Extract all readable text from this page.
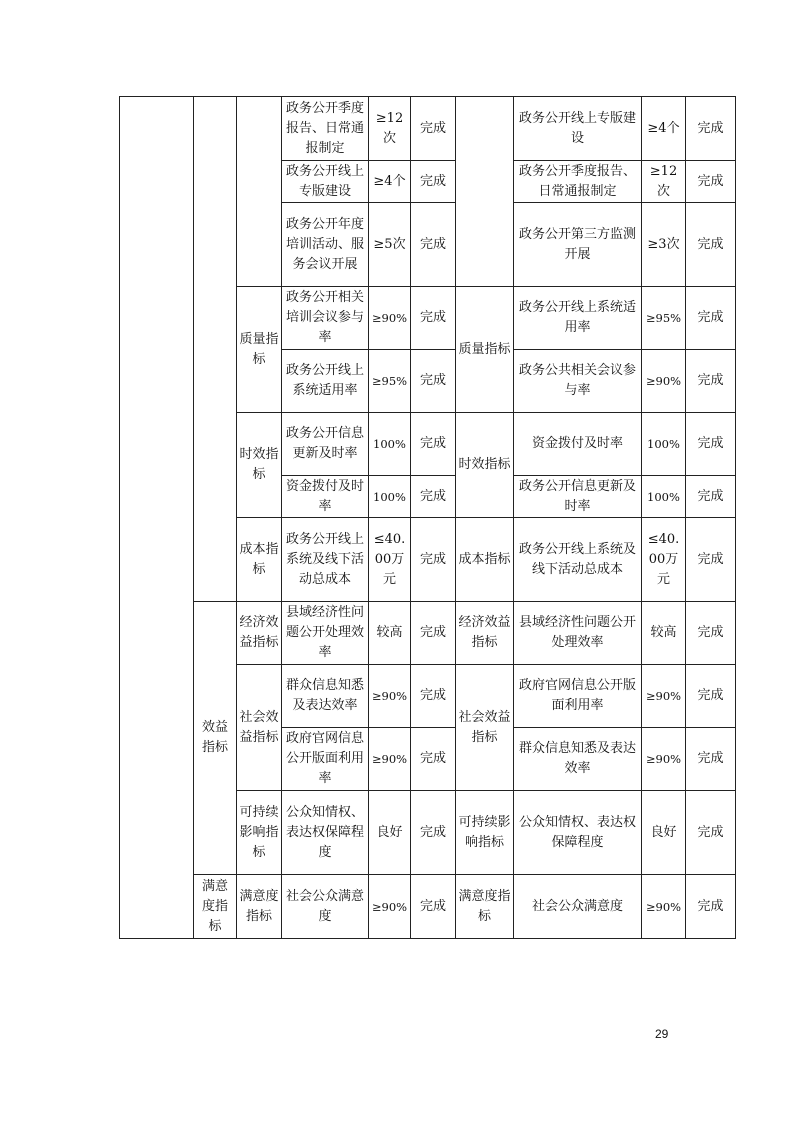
			政务公开季度报告、日常通报制定	≥12次	完成		政务公开线上专版建设	≥4个	完成
			政务公开线上专版建设	≥4个	完成		政务公开季度报告、日常通报制定	≥12次	完成
			政务公开年度培训活动、服务会议开展	≥5次	完成		政务公开第三方监测开展	≥3次	完成
		质量指标	政务公开相关培训会议参与率	≥90%	完成	质量指标	政务公开线上系统适用率	≥95%	完成
			政务公开线上系统适用率	≥95%	完成		政务公共相关会议参与率	≥90%	完成
		时效指标	政务公开信息更新及时率	100%	完成	时效指标	资金拨付及时率	100%	完成
			资金拨付及时率	100%	完成		政务公开信息更新及时率	100%	完成
		成本指标	政务公开线上系统及线下活动总成本	≤40.00万元	完成	成本指标	政务公开线上系统及线下活动总成本	≤40.00万元	完成
	效益指标	经济效益指标	县域经济性问题公开处理效率	较高	完成	经济效益指标	县域经济性问题公开处理效率	较高	完成
		社会效益指标	群众信息知悉及表达效率	≥90%	完成	社会效益指标	政府官网信息公开版面利用率	≥90%	完成
			政府官网信息公开版面利用率	≥90%	完成		群众信息知悉及表达效率	≥90%	完成
		可持续影响指标	公众知情权、表达权保障程度	良好	完成	可持续影响指标	公众知情权、表达权保障程度	良好	完成
	满意度指标	满意度指标	社会公众满意度	≥90%	完成	满意度指标	社会公众满意度	≥90%	完成
29
